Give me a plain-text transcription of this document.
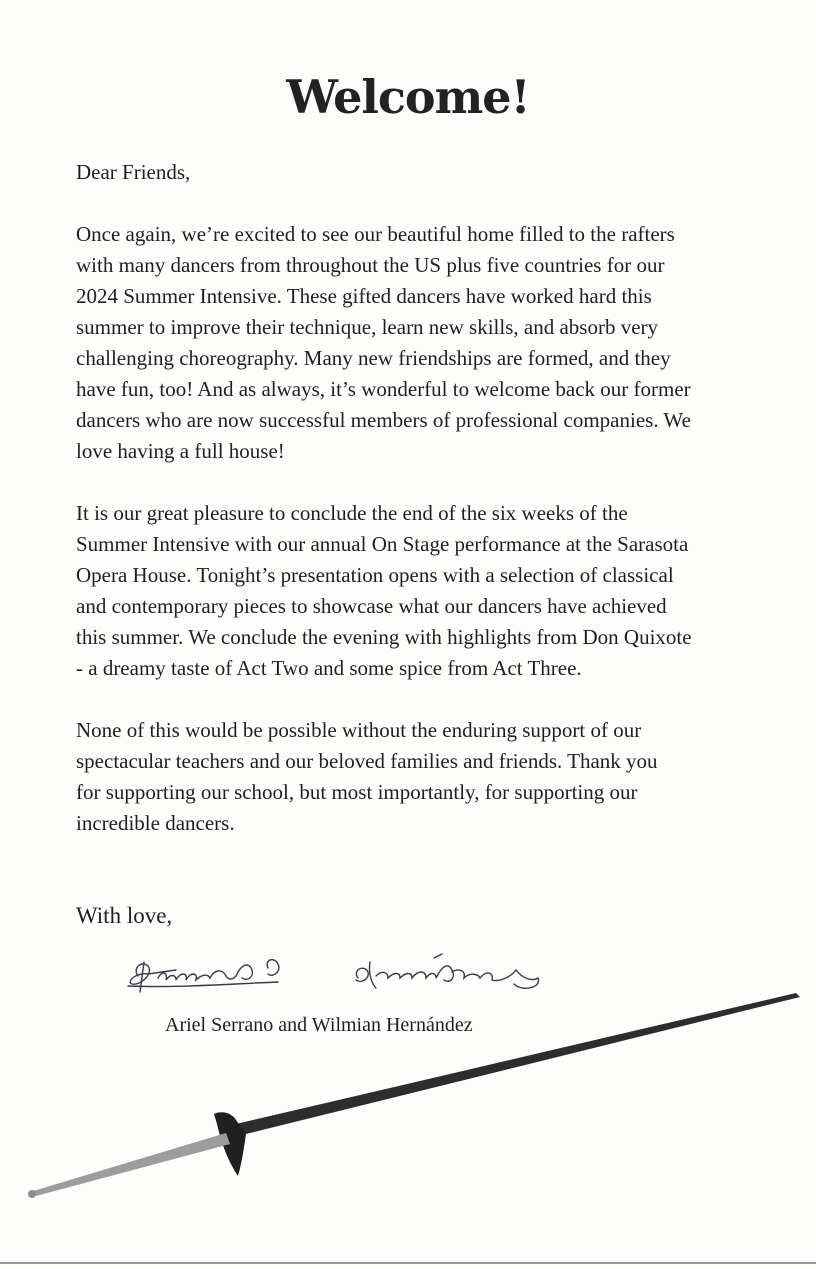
Welcome!

Dear Friends,

Once again, we’re excited to see our beautiful home filled to the rafters
with many dancers from throughout the US plus five countries for our
2024 Summer Intensive. These gifted dancers have worked hard this
summer to improve their technique, learn new skills, and absorb very
challenging choreography. Many new friendships are formed, and they
have fun, too! And as always, it’s wonderful to welcome back our former
dancers who are now successful members of professional companies. We
love having a full house!

It is our great pleasure to conclude the end of the six weeks of the
Summer Intensive with our annual On Stage performance at the Sarasota
Opera House. Tonight’s presentation opens with a selection of classical
and contemporary pieces to showcase what our dancers have achieved
this summer. We conclude the evening with highlights from Don Quixote
- a dreamy taste of Act Two and some spice from Act Three.

None of this would be possible without the enduring support of our
spectacular teachers and our beloved families and friends. Thank you
for supporting our school, but most importantly, for supporting our
incredible dancers.

With love,
Ariel Serrano and Wilmian Hernández
